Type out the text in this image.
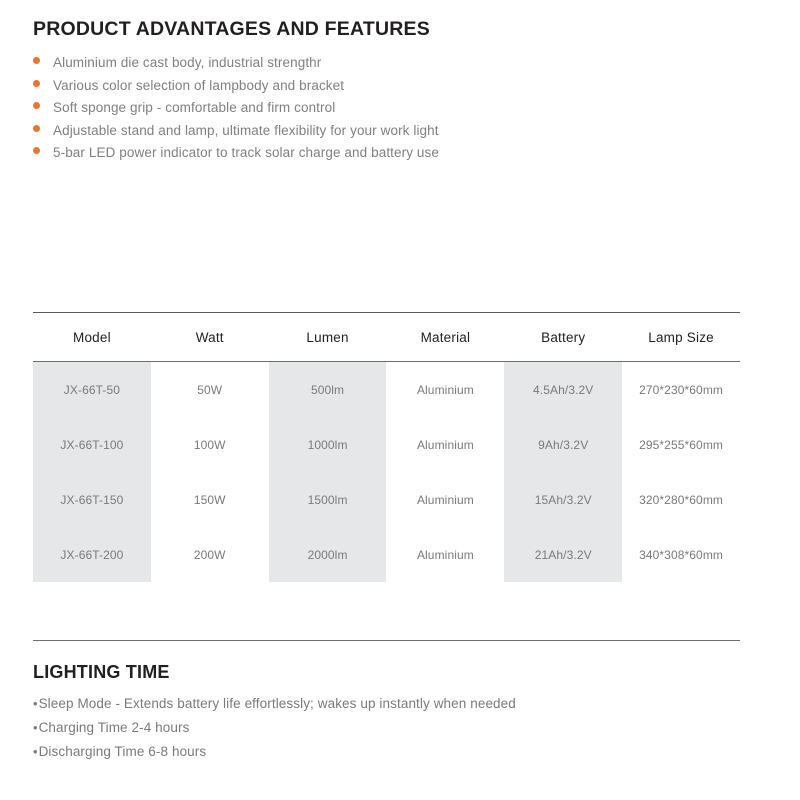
PRODUCT ADVANTAGES AND FEATURES
Aluminium die cast body, industrial strengthr
Various color selection of lampbody and bracket
Soft sponge grip - comfortable and firm control
Adjustable stand and lamp, ultimate flexibility for your work light
5-bar LED power indicator to track solar charge and battery use
Model	Watt	Lumen	Material	Battery	Lamp Size
JX-66T-50	50W	500lm	Aluminium	4.5Ah/3.2V	270*230*60mm
JX-66T-100	100W	1000lm	Aluminium	9Ah/3.2V	295*255*60mm
JX-66T-150	150W	1500lm	Aluminium	15Ah/3.2V	320*280*60mm
JX-66T-200	200W	2000lm	Aluminium	21Ah/3.2V	340*308*60mm
LIGHTING TIME
• Sleep Mode - Extends battery life effortlessly; wakes up instantly when needed
• Charging Time 2-4 hours
• Discharging Time 6-8 hours
